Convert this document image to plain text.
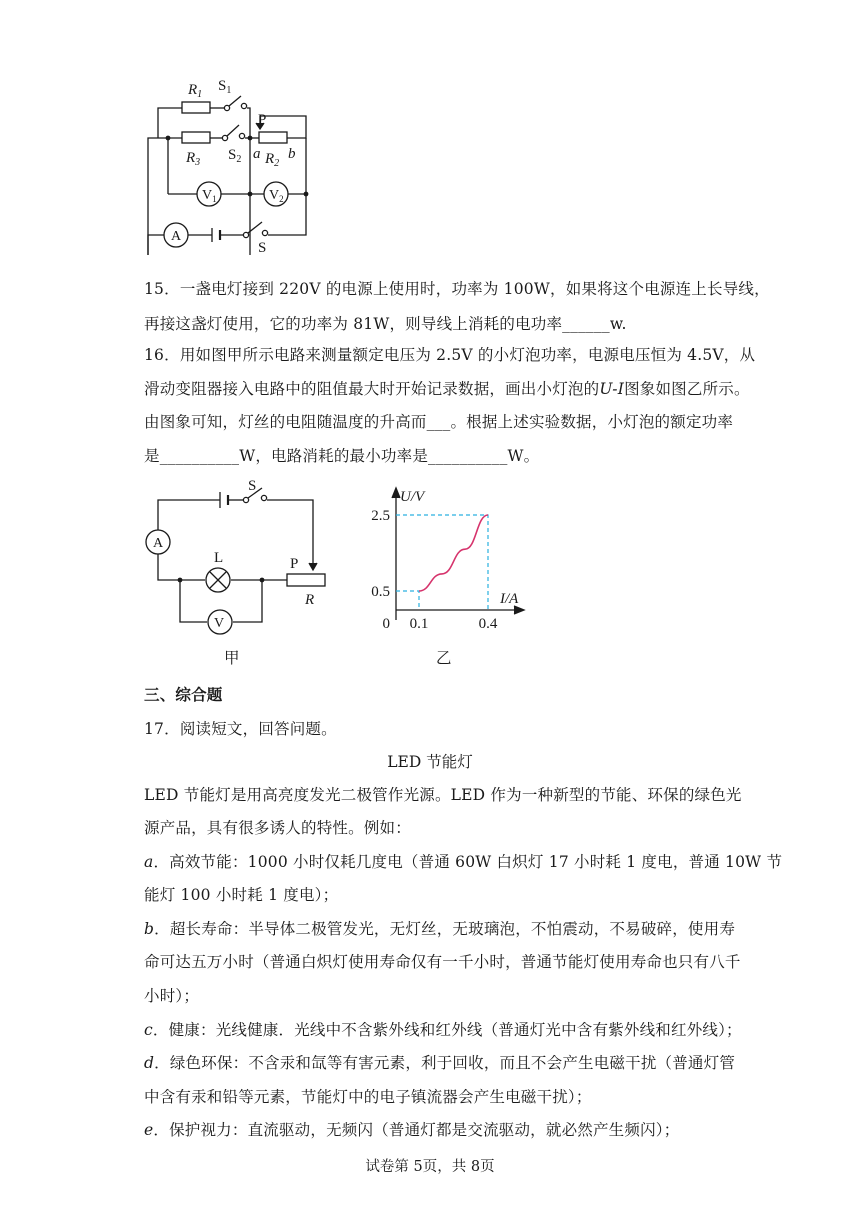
$R_1$
$S_1$
$R_3$ $S_2$
P
a $R_2$
b
$V_1$	$V_2$
A
S
15．一盏电灯接到 220V 的电源上使用时，功率为 100W，如果将这个电源连上长导线，
再接这盏灯使用，它的功率为 81W，则导线上消耗的电功率______w.
16．用如图甲所示电路来测量额定电压为 2.5V 的小灯泡功率，电源电压恒为 4.5V，从
滑动变阻器接入电路中的阻值最大时开始记录数据，画出小灯泡的U-I图象如图乙所示。
由图象可知，灯丝的电阻随温度的升高而___。根据上述实验数据，小灯泡的额定功率
是__________W，电路消耗的最小功率是__________W。
S
A
L	P
R
V
甲
U/V
I/A
0
2.5
0.5
0.1	0.4
乙
三、综合题
17．阅读短文，回答问题。
LED 节能灯
LED 节能灯是用高亮度发光二极管作光源。LED 作为一种新型的节能、环保的绿色光
源产品，具有很多诱人的特性。例如：
a．高效节能：1000 小时仅耗几度电（普通 60W 白炽灯 17 小时耗 1 度电，普通 10W 节
能灯 100 小时耗 1 度电）；
b．超长寿命：半导体二极管发光，无灯丝，无玻璃泡，不怕震动，不易破碎，使用寿
命可达五万小时（普通白炽灯使用寿命仅有一千小时，普通节能灯使用寿命也只有八千
小时）；
c．健康：光线健康．光线中不含紫外线和红外线（普通灯光中含有紫外线和红外线）；
d．绿色环保：不含汞和氙等有害元素，利于回收，而且不会产生电磁干扰（普通灯管
中含有汞和铅等元素，节能灯中的电子镇流器会产生电磁干扰）；
e．保护视力：直流驱动，无频闪（普通灯都是交流驱动，就必然产生频闪）；
试卷第 5页，共 8页
